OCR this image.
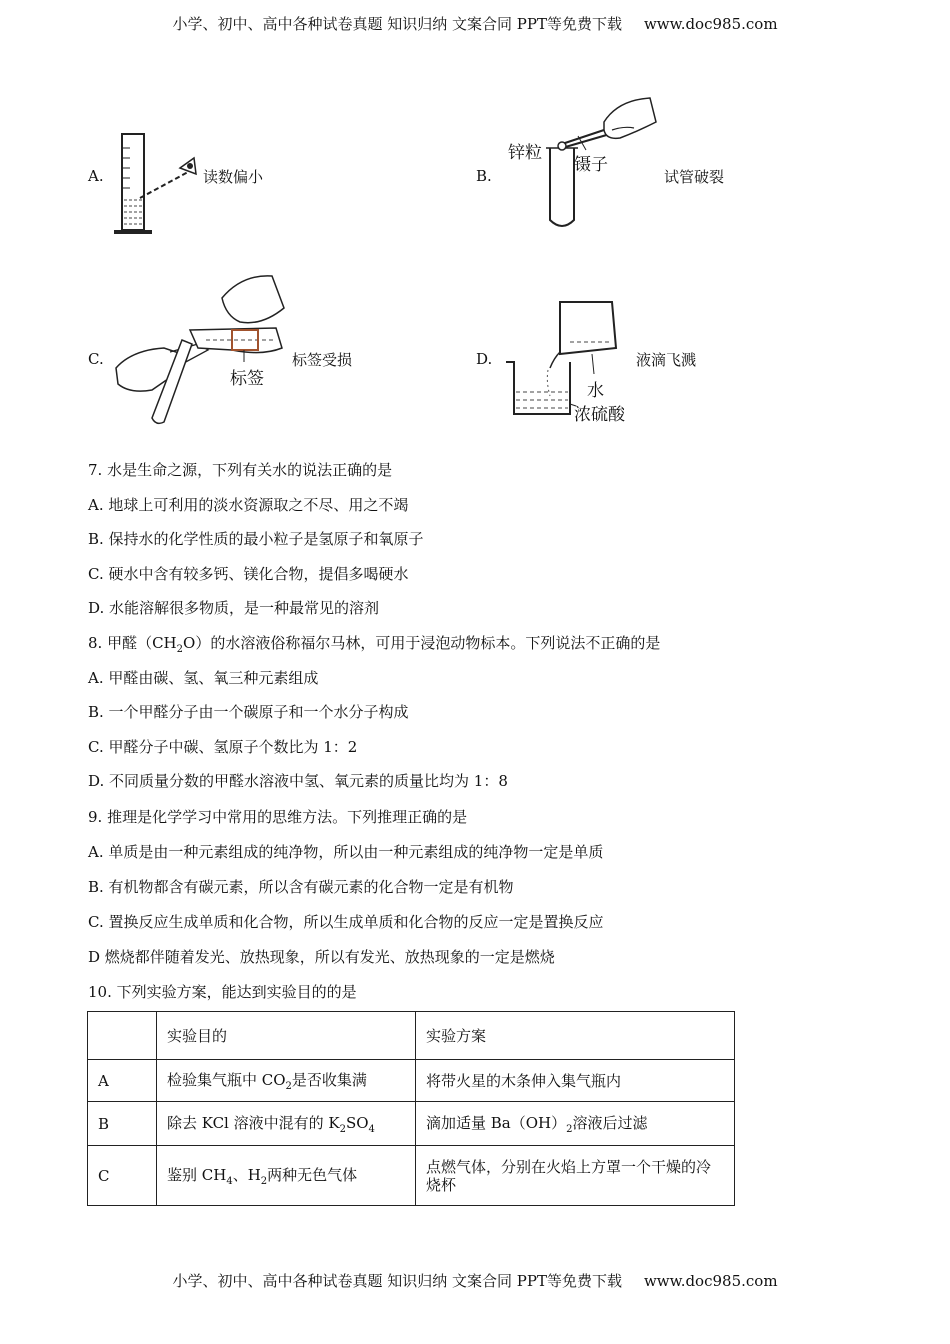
小学、初中、高中各种试卷真题 知识归纳 文案合同 PPT等免费下载 www.doc985.com
A.	读数偏小	B.
锌粒
镊子
试管破裂
C.
标签
标签受损	D.
水
浓硫酸
液滴飞溅
7. 水是生命之源，下列有关水的说法正确的是
A. 地球上可利用的淡水资源取之不尽、用之不竭
B. 保持水的化学性质的最小粒子是氢原子和氧原子
C. 硬水中含有较多钙、镁化合物，提倡多喝硬水
D. 水能溶解很多物质，是一种最常见的溶剂
8. 甲醛$(CH_2O)$的水溶液俗称福尔马林，可用于浸泡动物标本。下列说法不正确的是
A. 甲醛由碳、氢、氧三种元素组成
B. 一个甲醛分子由一个碳原子和一个水分子构成
C. 甲醛分子中碳、氢原子个数比为 1：2
D. 不同质量分数的甲醛水溶液中氢、氧元素的质量比均为 1：8
9. 推理是化学学习中常用的思维方法。下列推理正确的是
A. 单质是由一种元素组成的纯净物，所以由一种元素组成的纯净物一定是单质
B. 有机物都含有碳元素，所以含有碳元素的化合物一定是有机物
C. 置换反应生成单质和化合物，所以生成单质和化合物的反应一定是置换反应
D 燃烧都伴随着发光、放热现象，所以有发光、放热现象的一定是燃烧
10. 下列实验方案，能达到实验目的的是
	实验目的	实验方案
A	检验集气瓶中 $CO_2$是否收集满	将带火星的木条伸入集气瓶内
B	除去 KCl 溶液中混有的 $K_2SO_4$	滴加适量 $Ba(OH)_2$溶液后过滤
C	鉴别 $CH_4$、$H_2$两种无色气体	点燃气体，分别在火焰上方罩一个干燥的冷烧杯
小学、初中、高中各种试卷真题 知识归纳 文案合同 PPT等免费下载 www.doc985.com
